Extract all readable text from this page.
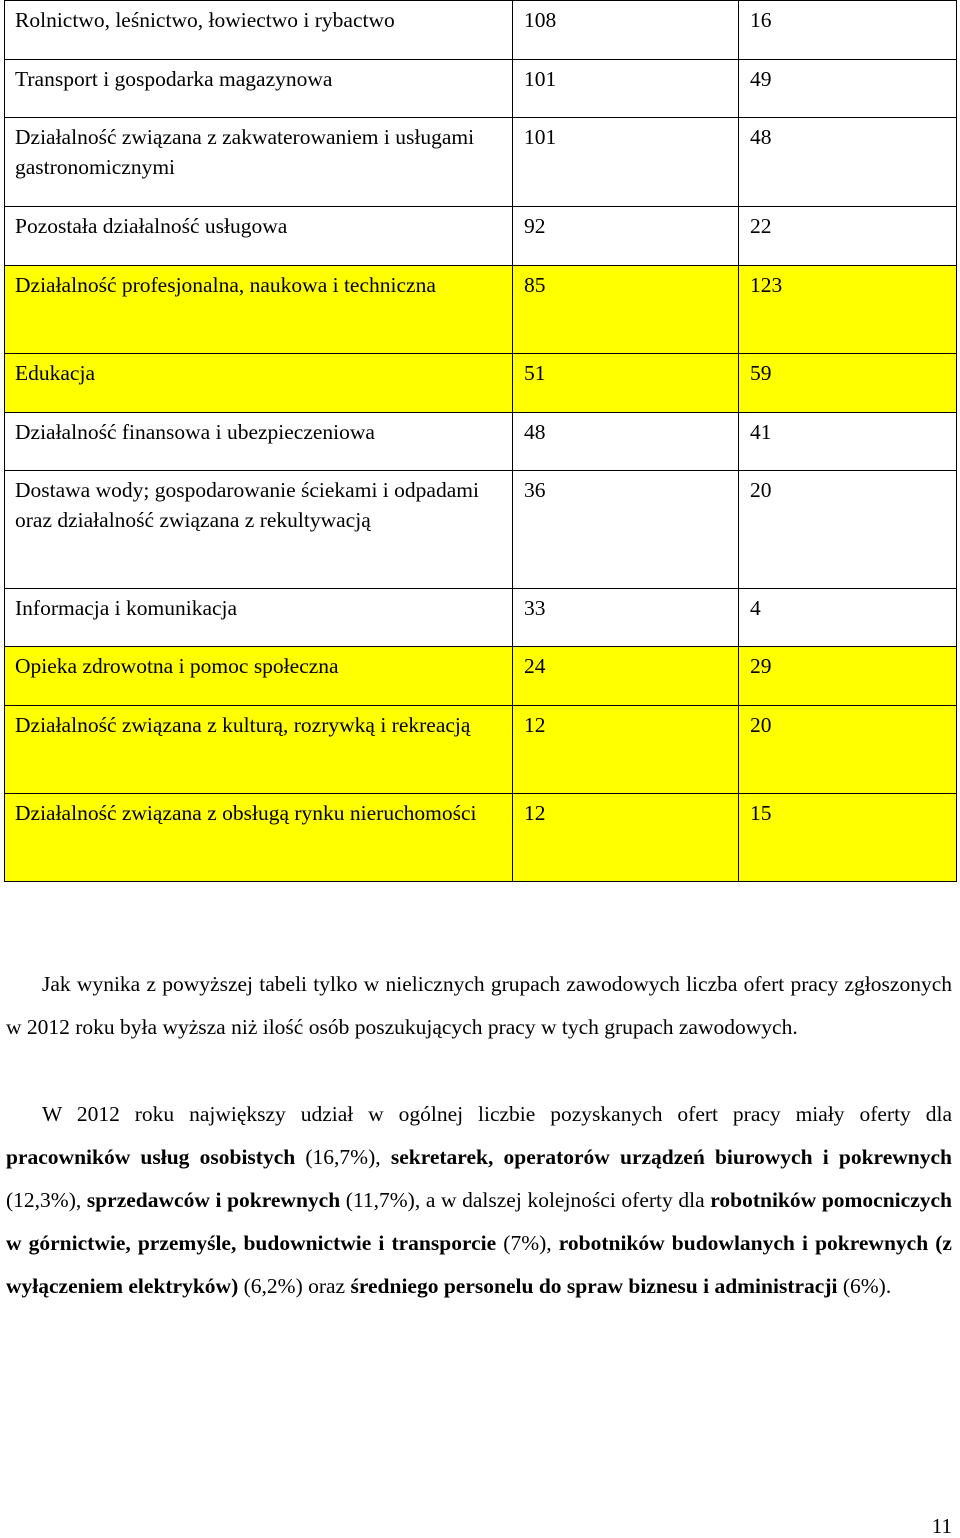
Rolnictwo, leśnictwo, łowiectwo i rybactwo	108	16
Transport i gospodarka magazynowa	101	49
Działalność związana z zakwaterowaniem i usługami gastronomicznymi	101	48
Pozostała działalność usługowa	92	22
Działalność profesjonalna, naukowa i techniczna	85	123
Edukacja	51	59
Działalność finansowa i ubezpieczeniowa	48	41
Dostawa wody; gospodarowanie ściekami i odpadami oraz działalność związana z rekultywacją	36	20
Informacja i komunikacja	33	4
Opieka zdrowotna i pomoc społeczna	24	29
Działalność związana z kulturą, rozrywką i rekreacją	12	20
Działalność związana z obsługą rynku nieruchomości	12	15

Jak wynika z powyższej tabeli tylko w nielicznych grupach zawodowych liczba ofert pracy zgłoszonych w 2012 roku była wyższa niż ilość osób poszukujących pracy w tych grupach zawodowych.

W 2012 roku największy udział w ogólnej liczbie pozyskanych ofert pracy miały oferty dla pracowników usług osobistych (16,7%), sekretarek, operatorów urządzeń biurowych i pokrewnych (12,3%), sprzedawców i pokrewnych (11,7%), a w dalszej kolejności oferty dla robotników pomocniczych w górnictwie, przemyśle, budownictwie i transporcie (7%), robotników budowlanych i pokrewnych (z wyłączeniem elektryków) (6,2%) oraz średniego personelu do spraw biznesu i administracji (6%).

11
